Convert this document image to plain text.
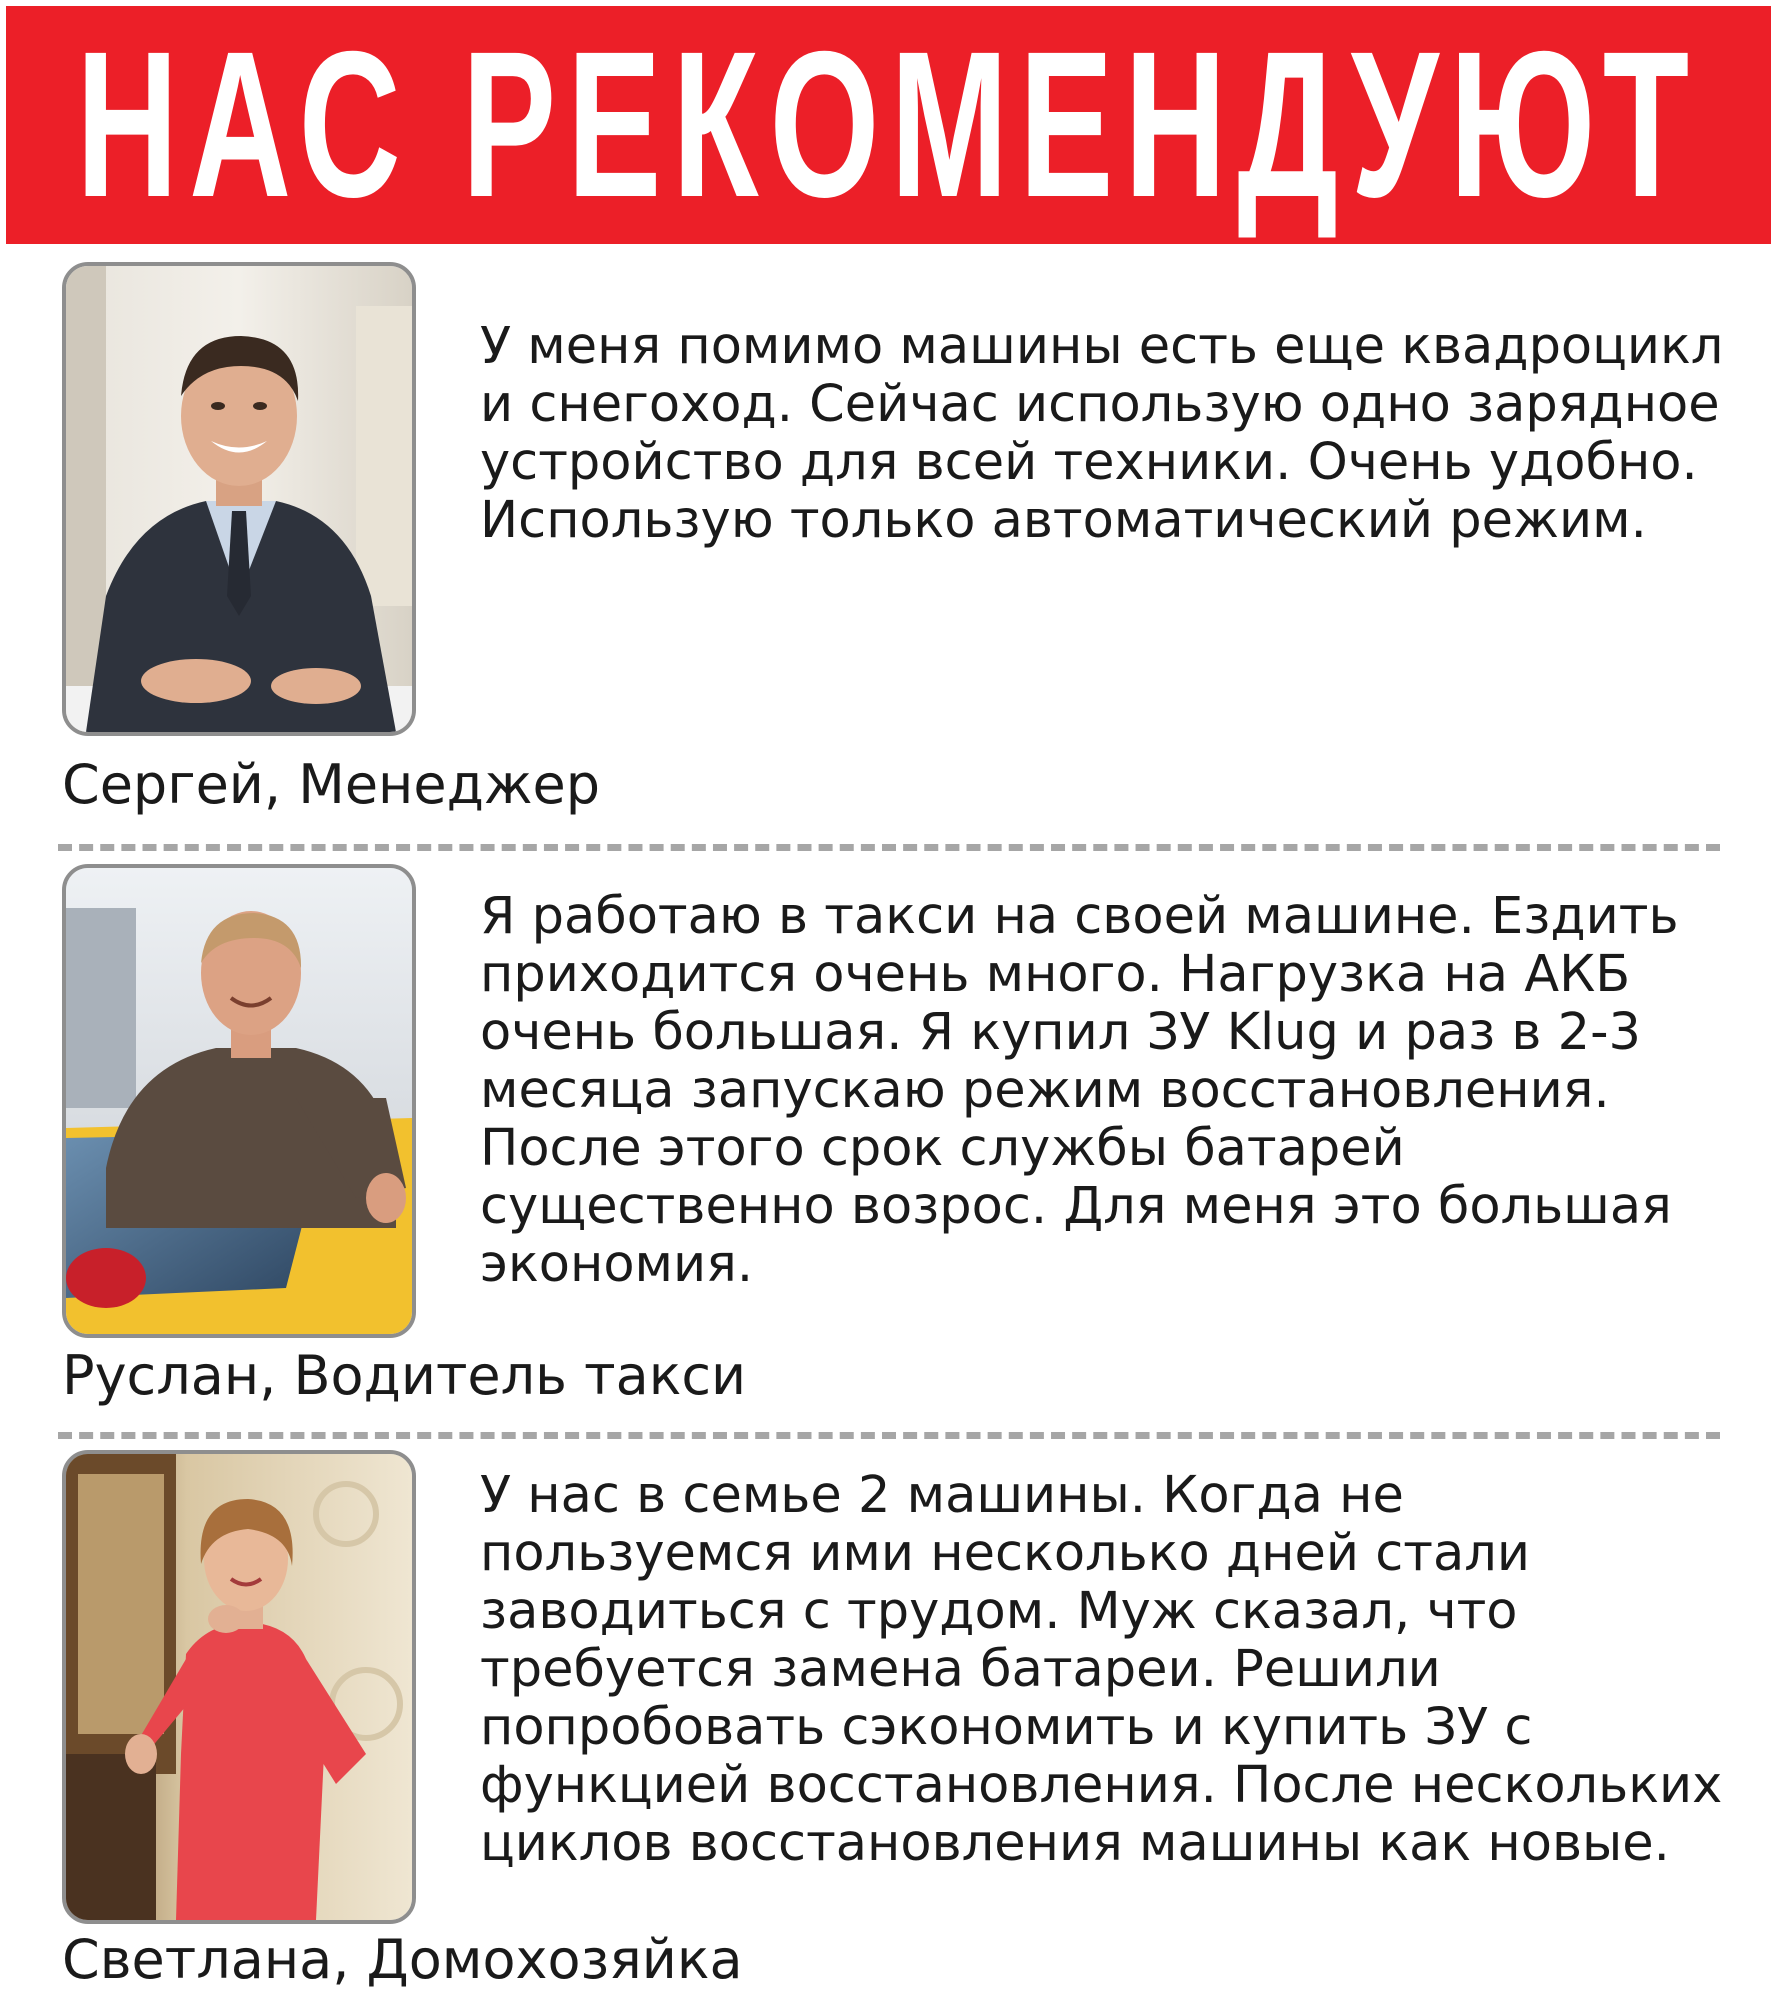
НАС РЕКОМЕНДУЮТ

У меня помимо машины есть еще квадроцикл и снегоход. Сейчас использую одно зарядное устройство для всей техники. Очень удобно. Использую только автоматический режим.

Сергей, Менеджер

Я работаю в такси на своей машине. Ездить приходится очень много. Нагрузка на АКБ очень большая. Я купил ЗУ Klug и раз в 2-3 месяца запускаю режим восстановления. После этого срок службы батарей существенно возрос. Для меня это большая экономия.

Руслан, Водитель такси

У нас в семье 2 машины. Когда не пользуемся ими несколько дней стали заводиться с трудом. Муж сказал, что требуется замена батареи. Решили попробовать сэкономить и купить ЗУ с функцией восстановления. После нескольких циклов восстановления машины как новые.

Светлана, Домохозяйка
